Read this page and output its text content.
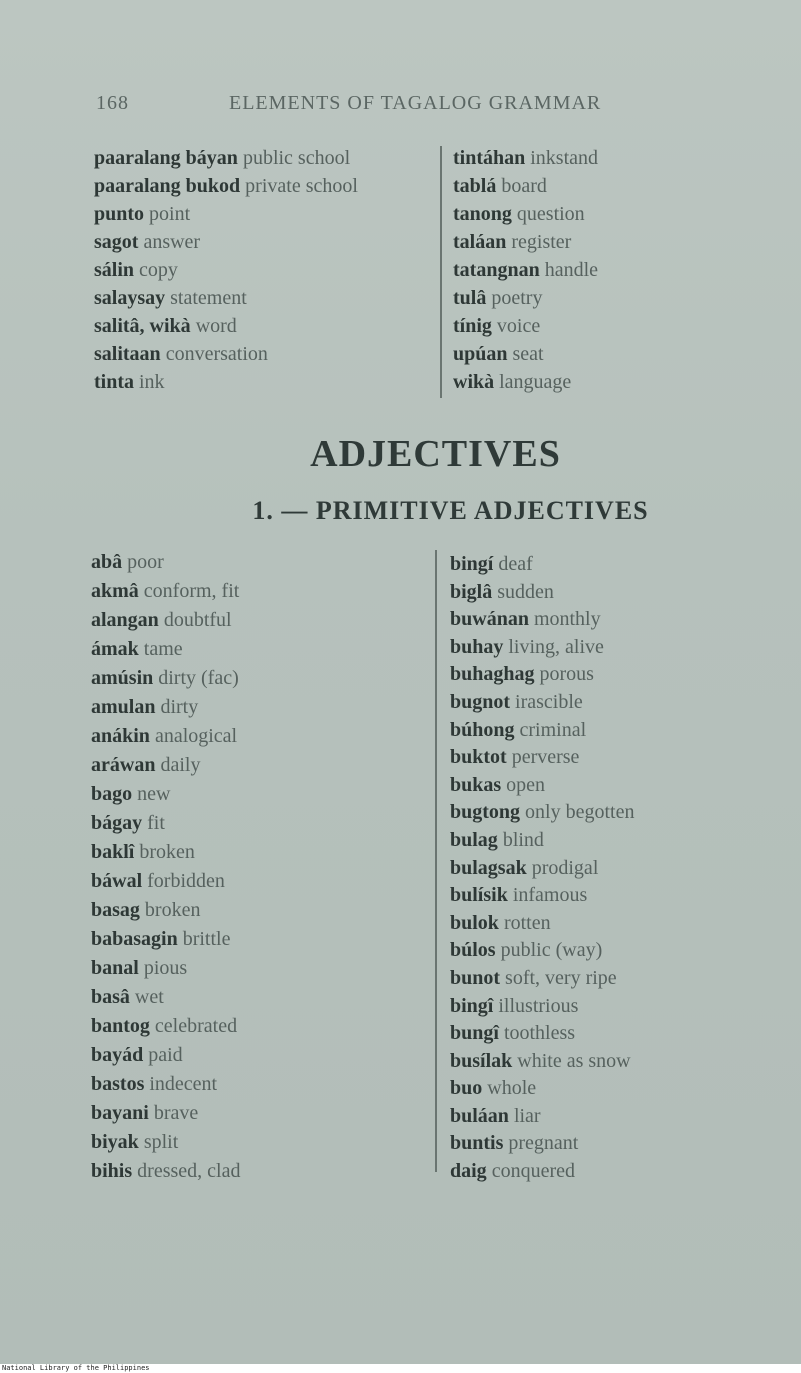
168	ELEMENTS OF TAGALOG GRAMMAR
paaralang báyan public school
paaralang bukod private school
punto point
sagot answer
sálin copy
salaysay statement
salitâ, wikà word
salitaan conversation
tinta ink
tintáhan inkstand
tablá board
tanong question
taláan register
tatangnan handle
tulâ poetry
tínig voice
upúan seat
wikà language
ADJECTIVES
1. — PRIMITIVE ADJECTIVES
abâ poor
akmâ conform, fit
alangan doubtful
ámak tame
amúsin dirty (fac)
amulan dirty
anákin analogical
aráwan daily
bago new
bágay fit
baklî broken
báwal forbidden
basag broken
babasagin brittle
banal pious
basâ wet
bantog celebrated
bayád paid
bastos indecent
bayani brave
biyak split
bihis dressed, clad
bingí deaf
biglâ sudden
buwánan monthly
buhay living, alive
buhaghag porous
bugnot irascible
búhong criminal
buktot perverse
bukas open
bugtong only begotten
bulag blind
bulagsak prodigal
bulísik infamous
bulok rotten
búlos public (way)
bunot soft, very ripe
bingî illustrious
bungî toothless
busílak white as snow
buo whole
buláan liar
buntis pregnant
daig conquered
National Library of the Philippines
